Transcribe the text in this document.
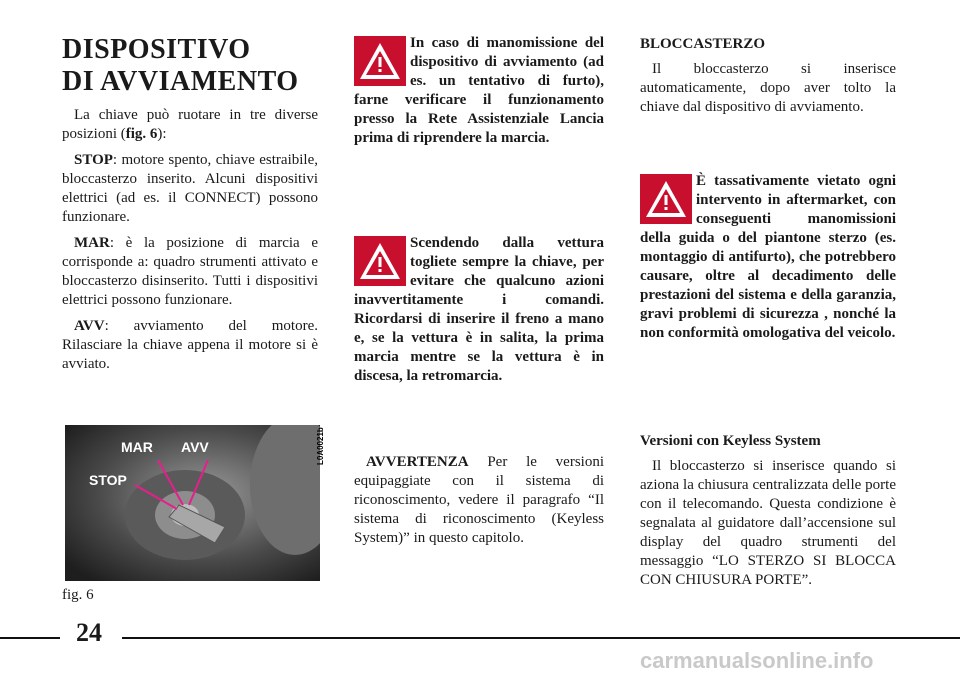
DISPOSITIVO
DI AVVIAMENTO

La chiave può ruotare in tre diverse posizioni (fig. 6):

STOP: motore spento, chiave estraibile, bloccasterzo inserito. Alcuni dispositivi elettrici (ad es. il CONNECT) possono funzionare.

MAR: è la posizione di marcia e corrisponde a: quadro strumenti attivato e bloccasterzo disinserito. Tutti i dispositivi elettrici possono funzionare.

AVV: avviamento del motore. Rilasciare la chiave appena il motore si è avviato.

MAR AVV
STOP
L0A0021b
fig. 6
In caso di manomissione del dispositivo di avviamento (ad es. un tentativo di furto), farne verificare il funzionamento presso la Rete Assistenziale Lancia prima di riprendere la marcia.
Scendendo dalla vettura togliete sempre la chiave, per evitare che qualcuno azioni inavvertitamente i comandi. Ricordarsi di inserire il freno a mano e, se la vettura è in salita, la prima marcia mentre se la vettura è in discesa, la retromarcia.
AVVERTENZA Per le versioni equipaggiate con il sistema di riconoscimento, vedere il paragrafo “Il sistema di riconoscimento (Keyless System)” in questo capitolo.

BLOCCASTERZO

Il bloccasterzo si inserisce automaticamente, dopo aver tolto la chiave dal dispositivo di avviamento.

È tassativamente vietato ogni intervento in aftermarket, con conseguenti manomissioni della guida o del piantone sterzo (es. montaggio di antifurto), che potrebbero causare, oltre al decadimento delle prestazioni del sistema e della garanzia, gravi problemi di sicurezza , nonché la non conformità omologativa del veicolo.

Versioni con Keyless System

Il bloccasterzo si inserisce quando si aziona la chiusura centralizzata delle porte con il telecomando. Questa condizione è segnalata al guidatore dall’accensione sul display del quadro strumenti del messaggio “LO STERZO SI BLOCCA CON CHIUSURA PORTE”.

24
carmanualsonline.info
